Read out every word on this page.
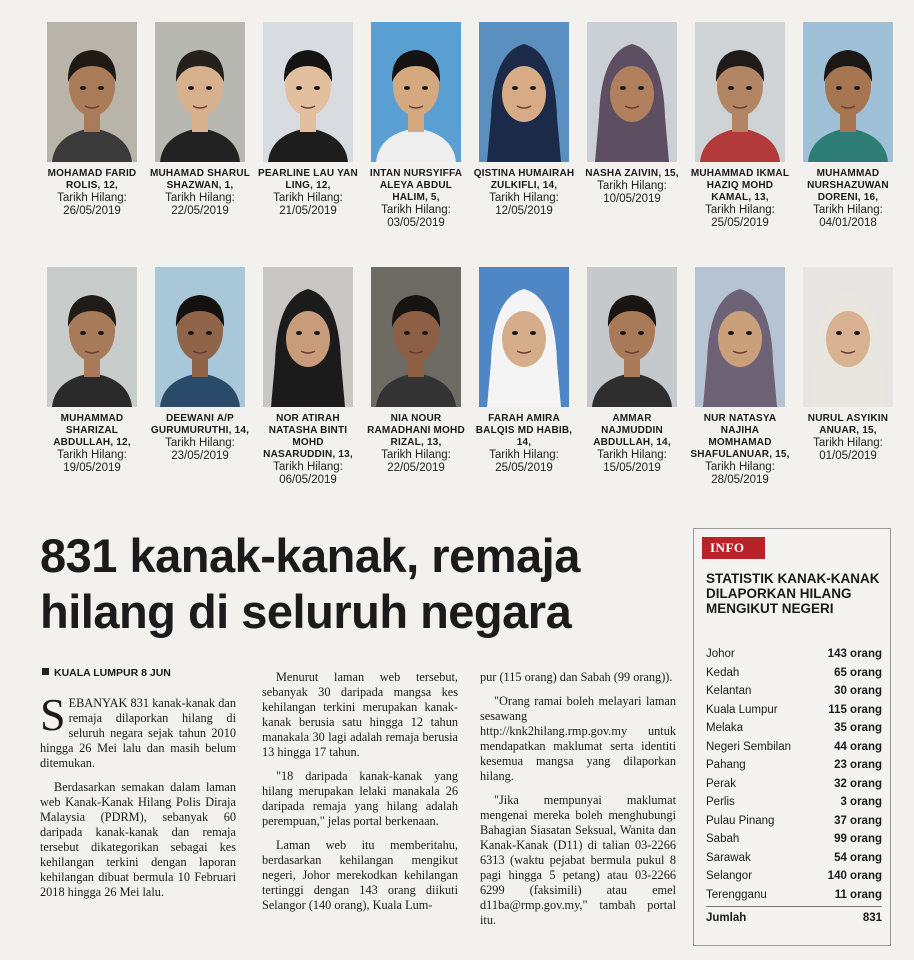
MOHAMAD FARID ROLIS, 12,
Tarikh Hilang:
26/05/2019
MUHAMAD SHARUL SHAZWAN, 1,
Tarikh Hilang:
22/05/2019
PEARLINE LAU YAN LING, 12,
Tarikh Hilang:
21/05/2019
INTAN NURSYIFFA ALEYA ABDUL HALIM, 5,
Tarikh Hilang:
03/05/2019
QISTINA HUMAIRAH ZULKIFLI, 14,
Tarikh Hilang:
12/05/2019
NASHA ZAIVIN, 15,
Tarikh Hilang:
10/05/2019
MUHAMMAD IKMAL HAZIQ MOHD KAMAL, 13,
Tarikh Hilang:
25/05/2019
MUHAMMAD NURSHAZUWAN DORENI, 16,
Tarikh Hilang:
04/01/2018
MUHAMMAD SHARIZAL ABDULLAH, 12,
Tarikh Hilang:
19/05/2019
DEEWANI A/P GURUMURUTHI, 14,
Tarikh Hilang:
23/05/2019
NOR ATIRAH NATASHA BINTI MOHD NASARUDDIN, 13,
Tarikh Hilang:
06/05/2019
NIA NOUR RAMADHANI MOHD RIZAL, 13,
Tarikh Hilang:
22/05/2019
FARAH AMIRA BALQIS MD HABIB, 14,
Tarikh Hilang:
25/05/2019
AMMAR NAJMUDDIN ABDULLAH, 14,
Tarikh Hilang:
15/05/2019
NUR NATASYA NAJIHA MOMHAMAD SHAFULANUAR, 15,
Tarikh Hilang:
28/05/2019
NURUL ASYIKIN ANUAR, 15,
Tarikh Hilang:
01/05/2019
831 kanak-kanak, remaja
hilang di seluruh negara
KUALA LUMPUR 8 JUN

SEBANYAK 831 kanak-kanak dan remaja dilaporkan hilang di seluruh negara sejak tahun 2010 hingga 26 Mei lalu dan masih belum ditemukan.

Berdasarkan semakan dalam laman web Kanak-Kanak Hilang Polis Diraja Malaysia (PDRM), sebanyak 60 daripada kanak-kanak dan remaja tersebut dikategorikan sebagai kes kehilangan terkini dengan laporan kehilangan dibuat bermula 10 Februari 2018 hingga 26 Mei lalu.

Menurut laman web tersebut, sebanyak 30 daripada mangsa kes kehilangan terkini merupakan kanak-kanak berusia satu hingga 12 tahun manakala 30 lagi adalah remaja berusia 13 hingga 17 tahun.

"18 daripada kanak-kanak yang hilang merupakan lelaki manakala 26 daripada remaja yang hilang adalah perempuan," jelas portal berkenaan.

Laman web itu memberitahu, berdasarkan kehilangan mengikut negeri, Johor merekodkan kehilangan tertinggi dengan 143 orang diikuti Selangor (140 orang), Kuala Lum-

pur (115 orang) dan Sabah (99 orang)).

"Orang ramai boleh melayari laman sesawang http://knk2hilang.rmp.gov.my untuk mendapatkan maklumat serta identiti kesemua mangsa yang dilaporkan hilang.

"Jika mempunyai maklumat mengenai mereka boleh menghubungi Bahagian Siasatan Seksual, Wanita dan Kanak-Kanak (D11) di talian 03-2266 6313 (waktu pejabat bermula pukul 8 pagi hingga 5 petang) atau 03-2266 6299 (faksimili) atau emel d11ba@rmp.gov.my," tambah portal itu.

INFO
STATISTIK KANAK-KANAK DILAPORKAN HILANG MENGIKUT NEGERI
Johor	143 orang
Kedah	65 orang
Kelantan	30 orang
Kuala Lumpur	115 orang
Melaka	35 orang
Negeri Sembilan	44 orang
Pahang	23 orang
Perak	32 orang
Perlis	3 orang
Pulau Pinang	37 orang
Sabah	99 orang
Sarawak	54 orang
Selangor	140 orang
Terengganu	11 orang
Jumlah	831
